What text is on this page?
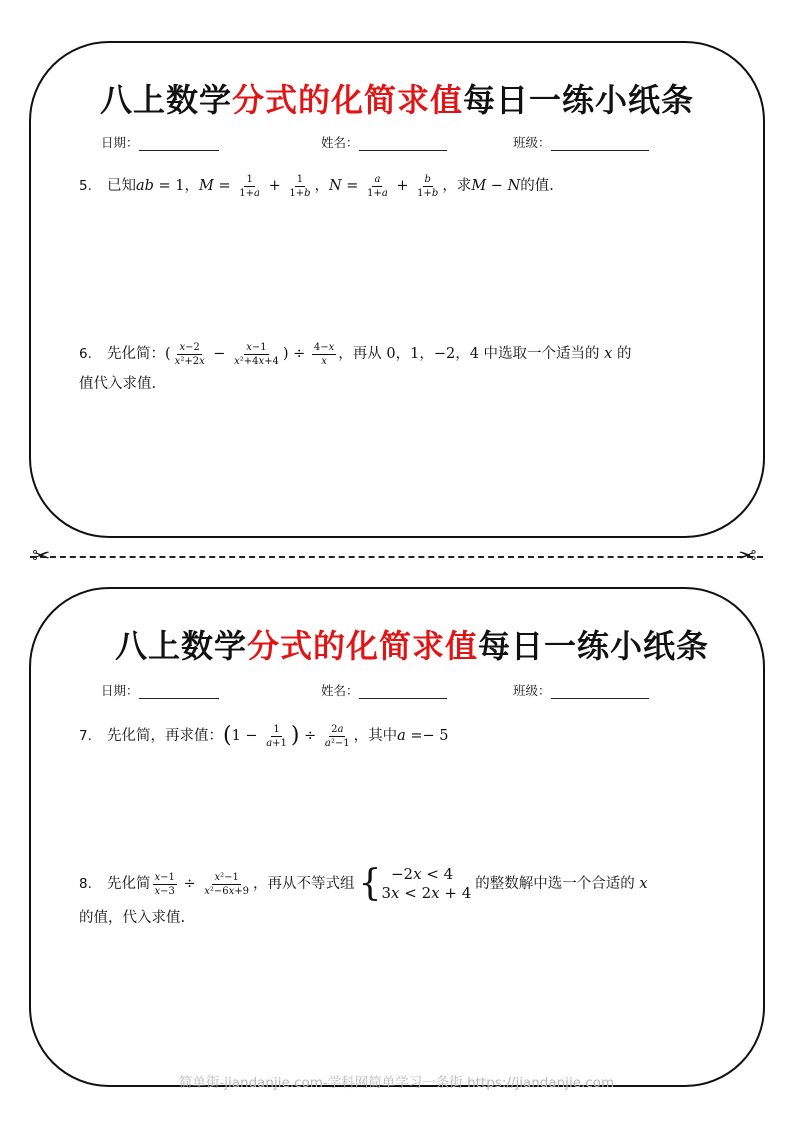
八上数学分式的化简求值每日一练小纸条
日期：	姓名：	班级：
5. 已知ab = 1，$M = \frac{1}{1+a} + \frac{1}{1+b}$ ，$N = \frac{a}{1+a} + \frac{b}{1+b}$ ，求M − N的值.
6. 先化简：( $\frac{x-2}{\text{x²+2x}} - \frac{x-1}{\text{x²+4x+4}}$ ) ÷ $\frac{4-x}{x}$ ，再从 0，1，−2，4 中选取一个适当的 x 的
值代入求值.
✂	✂
八上数学分式的化简求值每日一练小纸条
日期：	姓名：	班级：
7. 先化简，再求值：($1 - \frac{1}{a+1}$ ) ÷ $\frac{2a}{\text{a²−1}}$ ，其中a =− 5
8. 先化简 $\frac{x-1}{x-3} \div \frac{\text{x²−1}}{\text{x²−6x+9}}$ ，再从不等式组 { −2x < 4
3x < 2x + 4 的整数解中选一个合适的 x
的值，代入求值.
简单街-jiandanjie.com-学科网简单学习一条街 https://jiandanjie.com
